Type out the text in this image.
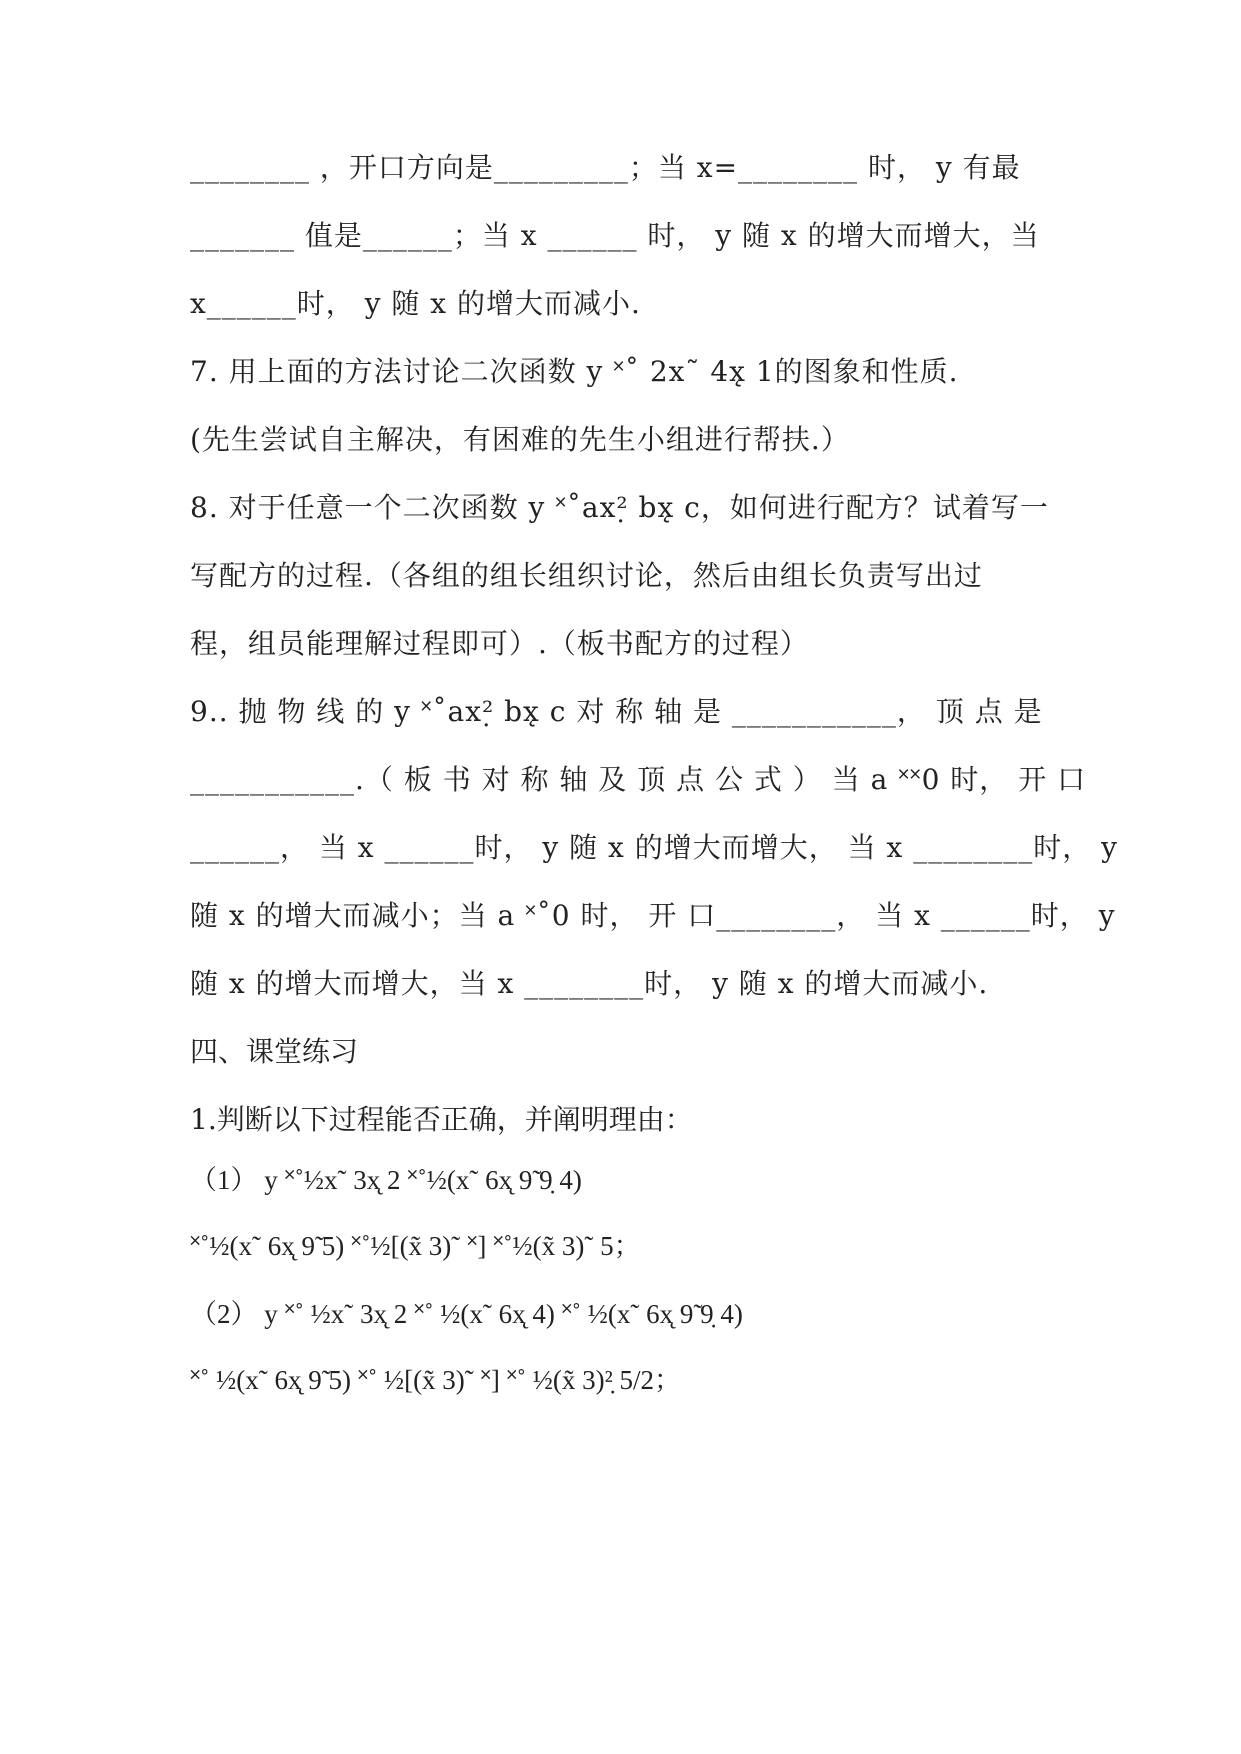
________ ，开口方向是_________；当 x=________ 时， y 有最
_______ 值是______；当 x ______ 时， y 随 x 的增大而增大，当
x______时， y 随 x 的增大而减小.
7. 用上面的方法讨论二次函数 y ˟˚ 2x˜ 4x̨ 1的图象和性质.
(先生尝试自主解决，有困难的先生小组进行帮扶.）
8. 对于任意一个二次函数 y ˟˚ax²̣ bx̨ c，如何进行配方？试着写一
写配方的过程.（各组的组长组织讨论，然后由组长负责写出过
程，组员能理解过程即可）.（板书配方的过程）
9.. 抛 物 线 的 y ˟˚ax²̣ bx̨ c 对 称 轴 是 ___________， 顶 点 是
___________.（ 板 书 对 称 轴 及 顶 点 公 式 ） 当 a ˟˟0 时， 开 口
______， 当 x ______时， y 随 x 的增大而增大， 当 x ________时， y
随 x 的增大而减小；当 a ˟˚0 时， 开 口________， 当 x ______时， y
随 x 的增大而增大，当 x ________时， y 随 x 的增大而减小.
四、课堂练习
1.判断以下过程能否正确，并阐明理由：
（1） y ˟˚½x˜ 3x̨ 2 ˟˚½(x˜ 6x̨ 9̃ 9̣ 4)
˟˚½(x˜ 6x̨ 9̃ 5) ˟˚½[(x̃ 3)˜ ˟] ˟˚½(x̃ 3)˜ 5；
（2） y ˟˚ ½x˜ 3x̨ 2 ˟˚ ½(x˜ 6x̨ 4) ˟˚ ½(x˜ 6x̨ 9̃ 9̣ 4)
˟˚ ½(x˜ 6x̨ 9̃ 5) ˟˚ ½[(x̃ 3)˜ ˟] ˟˚ ½(x̃ 3)²̣ 5/2；
